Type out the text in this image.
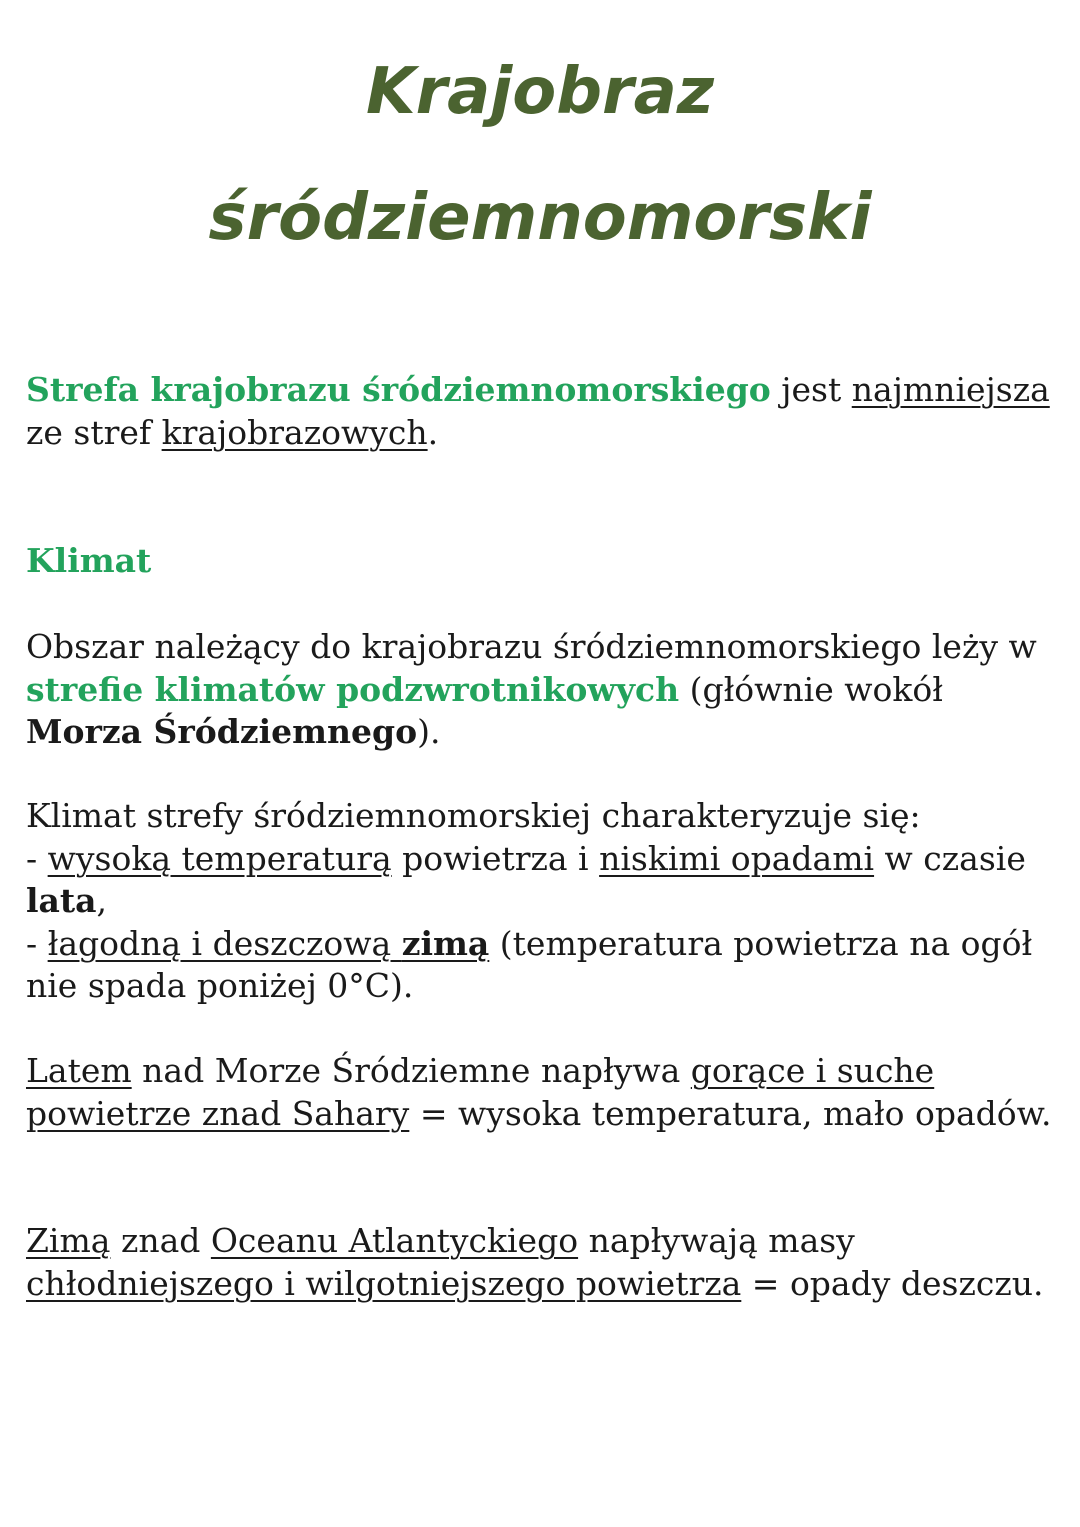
Krajobraz
śródziemnomorski

Strefa krajobrazu śródziemnomorskiego jest najmniejsza ze stref krajobrazowych.

Klimat

Obszar należący do krajobrazu śródziemnomorskiego leży w strefie klimatów podzwrotnikowych (głównie wokół Morza Śródziemnego).

Klimat strefy śródziemnomorskiej charakteryzuje się:
- wysoką temperaturą powietrza i niskimi opadami w czasie lata,
- łagodną i deszczową zimą (temperatura powietrza na ogół nie spada poniżej 0°C).

Latem nad Morze Śródziemne napływa gorące i suche powietrze znad Sahary = wysoka temperatura, mało opadów.

Zimą znad Oceanu Atlantyckiego napływają masy chłodniejszego i wilgotniejszego powietrza = opady deszczu.
